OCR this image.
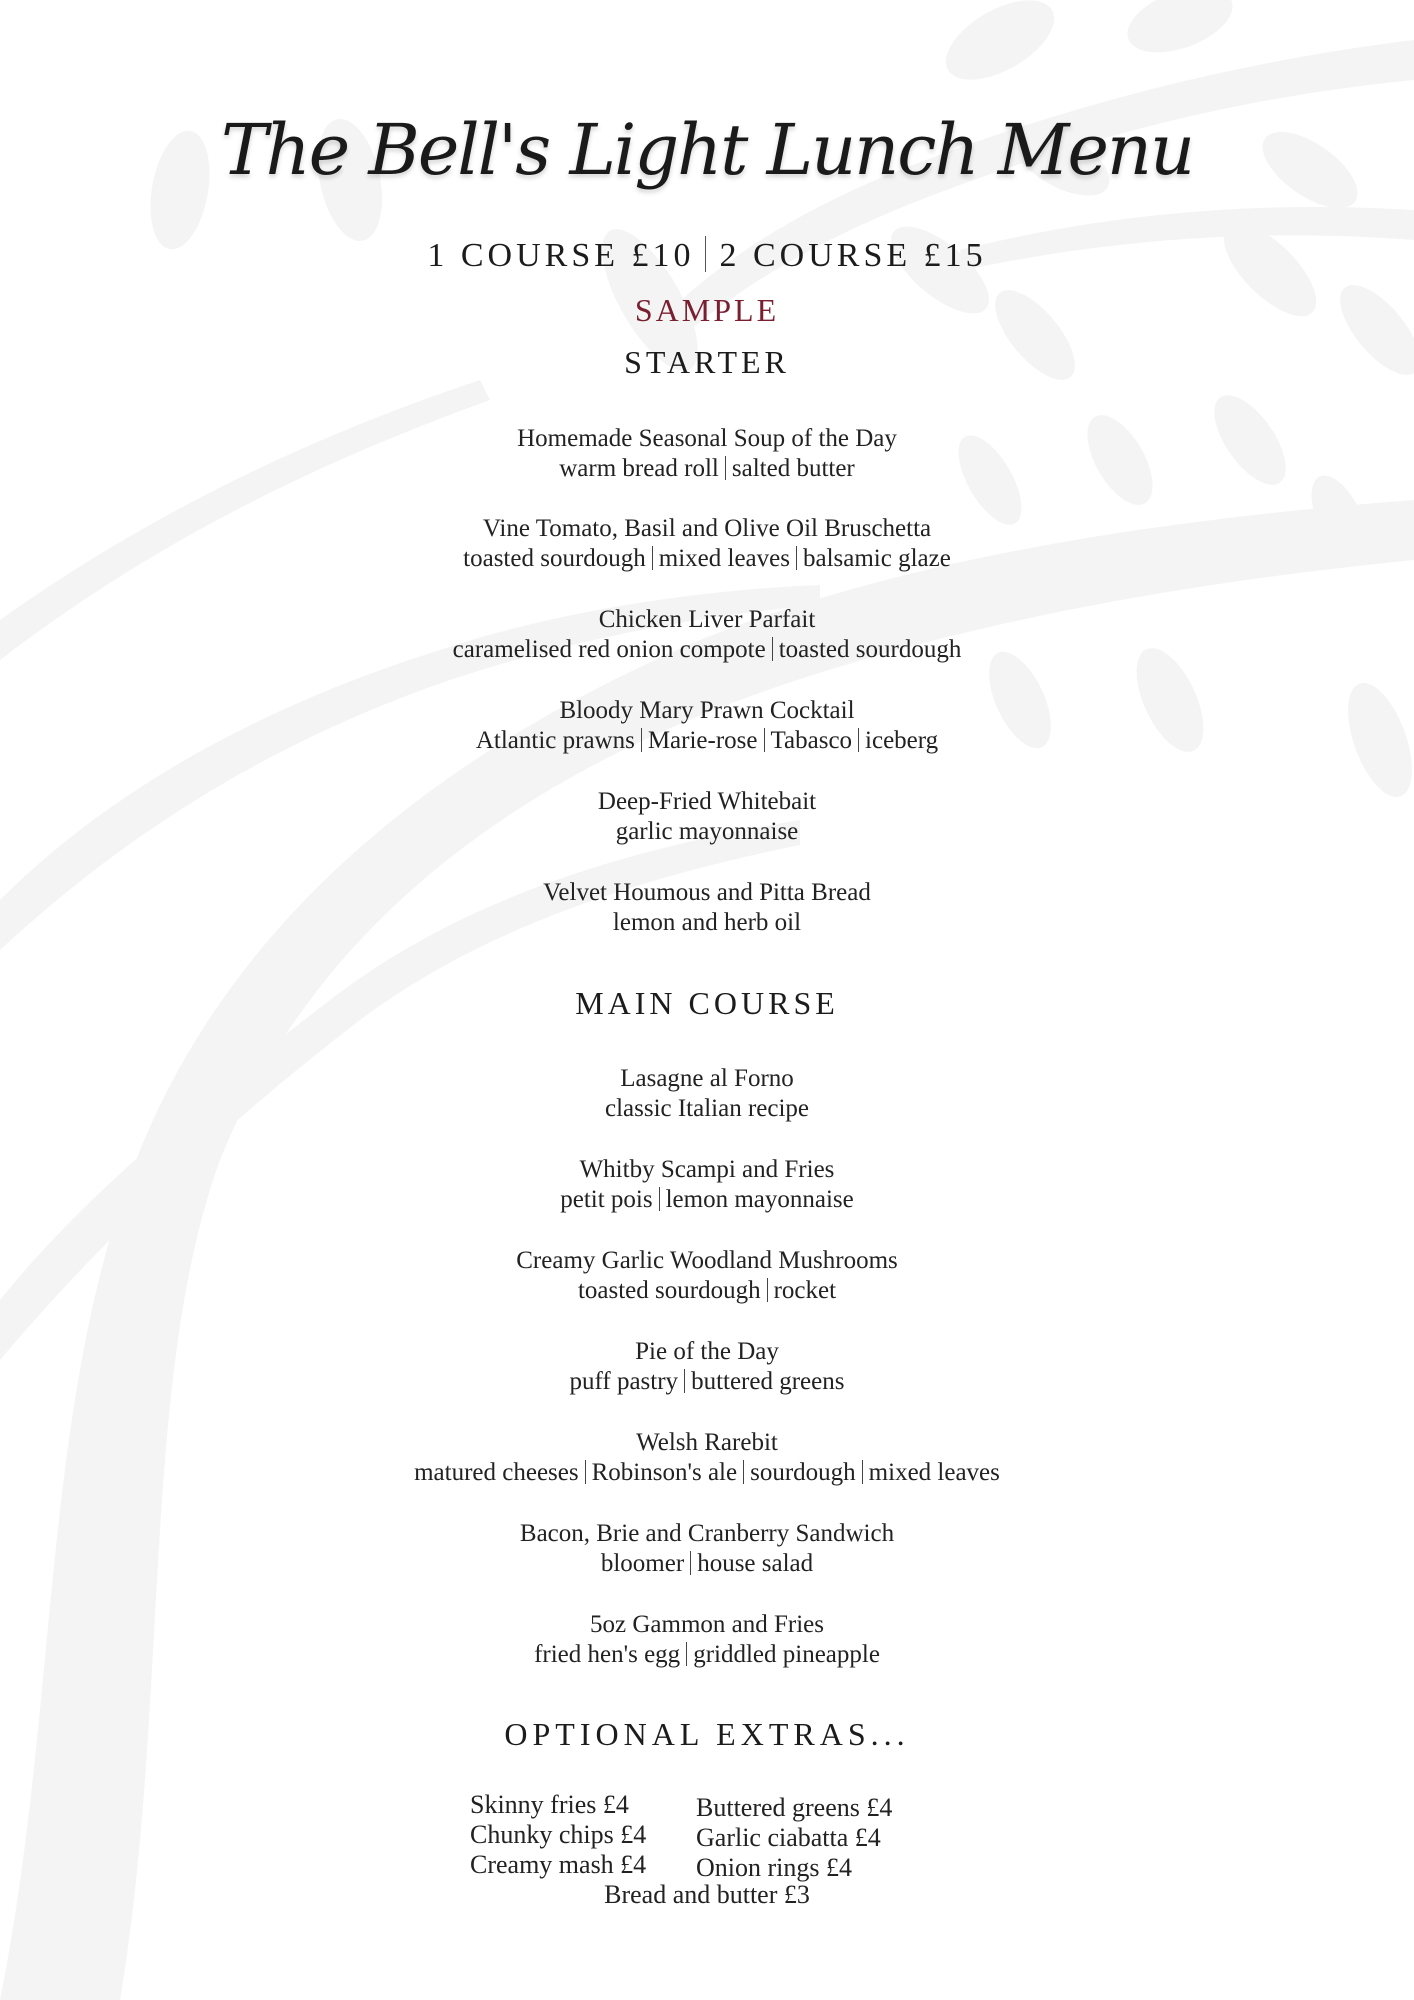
The Bell's Light Lunch Menu
1 COURSE £10 2 COURSE £15
SAMPLE
STARTER
Homemade Seasonal Soup of the Day
warm bread roll salted butter
Vine Tomato, Basil and Olive Oil Bruschetta
toasted sourdough mixed leaves balsamic glaze
Chicken Liver Parfait
caramelised red onion compote toasted sourdough
Bloody Mary Prawn Cocktail
Atlantic prawns Marie-rose Tabasco iceberg
Deep-Fried Whitebait
garlic mayonnaise
Velvet Houmous and Pitta Bread
lemon and herb oil
MAIN COURSE
Lasagne al Forno
classic Italian recipe
Whitby Scampi and Fries
petit pois lemon mayonnaise
Creamy Garlic Woodland Mushrooms
toasted sourdough rocket
Pie of the Day
puff pastry buttered greens
Welsh Rarebit
matured cheeses Robinson's ale sourdough mixed leaves
Bacon, Brie and Cranberry Sandwich
bloomer house salad
5oz Gammon and Fries
fried hen's egg griddled pineapple
OPTIONAL EXTRAS...
Skinny fries £4	Buttered greens £4
Chunky chips £4	Garlic ciabatta £4
Creamy mash £4	Onion rings £4
Bread and butter £3
